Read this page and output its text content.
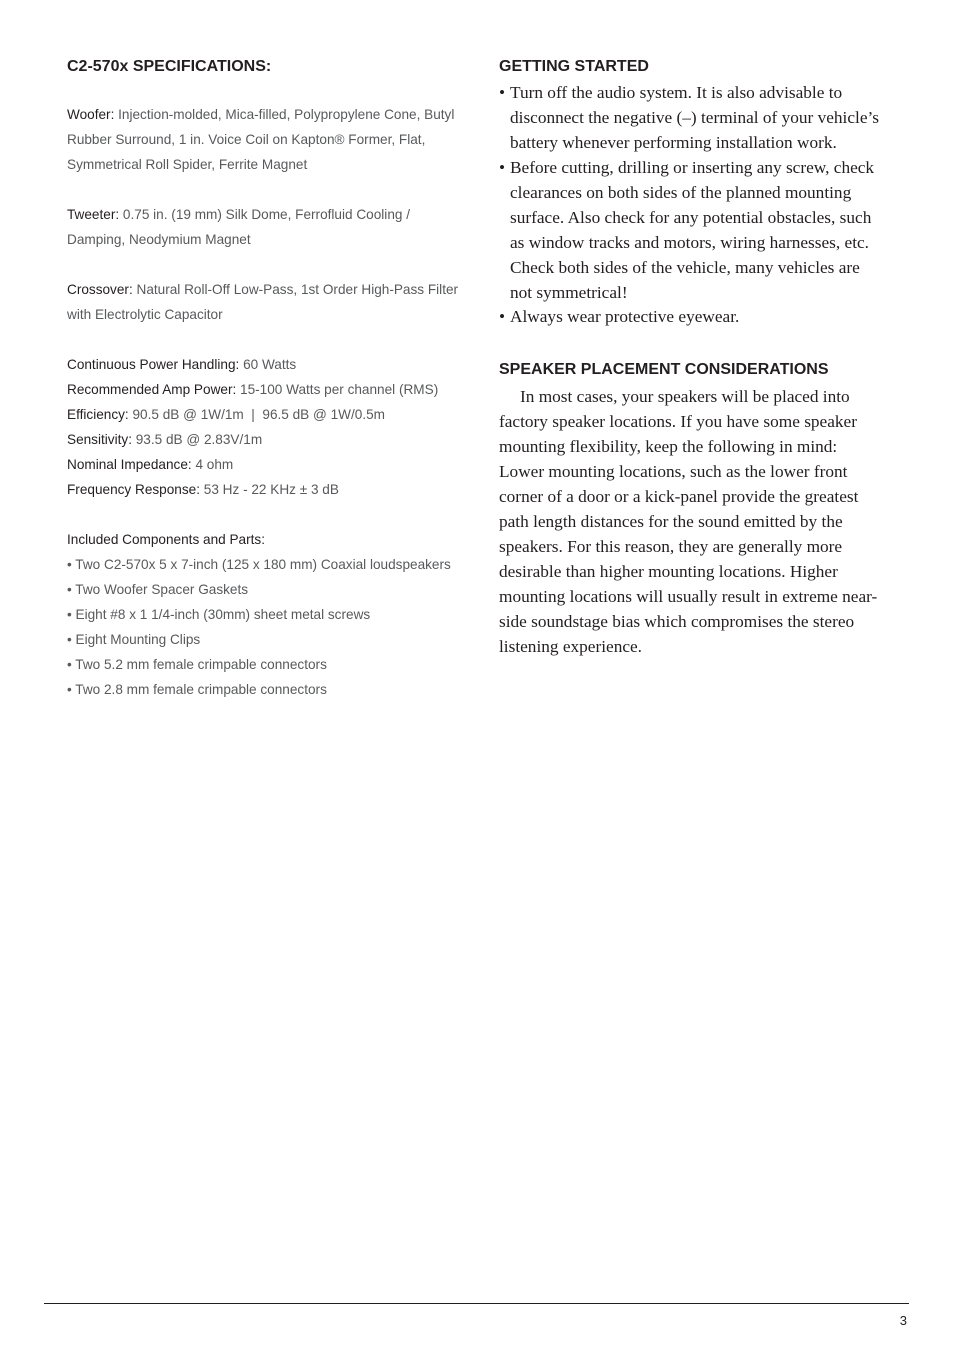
C2-570x SPECIFICATIONS:

Woofer: Injection-molded, Mica-filled, Polypropylene Cone, Butyl Rubber Surround, 1 in. Voice Coil on Kapton® Former, Flat, Symmetrical Roll Spider, Ferrite Magnet

Tweeter: 0.75 in. (19 mm) Silk Dome, Ferrofluid Cooling / Damping, Neodymium Magnet

Crossover: Natural Roll-Off Low-Pass, 1st Order High-Pass Filter with Electrolytic Capacitor

Continuous Power Handling: 60 Watts

Recommended Amp Power: 15-100 Watts per channel (RMS)

Efficiency: 90.5 dB @ 1W/1m  |  96.5 dB @ 1W/0.5m

Sensitivity: 93.5 dB @ 2.83V/1m

Nominal Impedance: 4 ohm

Frequency Response: 53 Hz - 22 KHz ± 3 dB

Included Components and Parts:

• Two C2-570x 5 x 7-inch (125 x 180 mm) Coaxial loudspeakers
• Two Woofer Spacer Gaskets
• Eight #8 x 1 1/4-inch (30mm) sheet metal screws
• Eight Mounting Clips
• Two 5.2 mm female crimpable connectors
• Two 2.8 mm female crimpable connectors
GETTING STARTED
• Turn off the audio system. It is also advisable to disconnect the negative (–) terminal of your vehicle’s battery whenever performing installation work.
• Before cutting, drilling or inserting any screw, check clearances on both sides of the planned mounting surface. Also check for any potential obstacles, such as window tracks and motors, wiring harnesses, etc. Check both sides of the vehicle, many vehicles are not symmetrical!
• Always wear protective eyewear.
SPEAKER PLACEMENT CONSIDERATIONS

In most cases, your speakers will be placed into factory speaker locations. If you have some speaker mounting flexibility, keep the following in mind: Lower mounting locations, such as the lower front corner of a door or a kick-panel provide the greatest path length distances for the sound emitted by the speakers. For this reason, they are generally more desirable than higher mounting locations. Higher mounting locations will usually result in extreme near-side soundstage bias which compromises the stereo listening experience.

3
